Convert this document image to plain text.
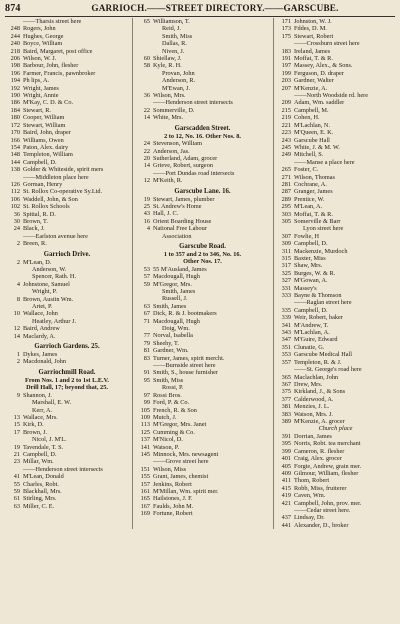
874	GARRIOCH.——STREET DIRECTORY.——GARSCUBE.
——Tharsis street here
248 Rogers, John
244 Hughes, George
240 Boyce, William
218 Baird, Margaret, post office
206 Wilson, W. J.
198 Barbour, John, flesher
196 Farmer, Francis, pawnbroker
194 Ph lips, A.
192 Wright, James
190 Wright, Annie
186 M'Kay, C. D. & Co.
184 Stewart, R.
180 Cooper, William
172 Stewart, William
170 Baird, John, draper
166 Williams, Owen
154 Paton, Alex. dairy
148 Templeton, William
144 Campbell, D.
138 Golder & Whiteside, spirit mers
——Middleton place here
126 Gorman, Henry
112 St. Rollox Co-operative Sy.Ltd.
106 Waddell, John, & Son
102 St. Rollox Schools
36 Spittal, R. D.
30 Brown, T.
24 Black, J.
——Earlston avenue here
2 Breen, R.
Garrioch Drive.
2 M'Lean, D.
Anderson, W.
Spencer, Rath. H.
4 Johnstone, Samuel
Wright, P.
8 Brown, Austin Wm.
Artet, P.
10 Wallace, John
Heatley, Arthur J.
12 Baird, Andrew
14 Maclardy, A.
Garrioch Gardens. 25.
1 Dykes, James
2 Macdonald, John
Garriochmill Road.
From Nos. 1 and 2 to 1st L.E.V.
Drill Hall, 17; beyond that, 25.
9 Shannon, J.
Marshall, E. W.
Kerr, A.
13 Wallace, Mrs.
15 Kirk, D.
17 Brown, J.
Nicol, J. M'L.
19 Tavendale, T. S.
21 Campbell, D.
23 Millar, Wm.
——Henderson street intersects
41 M'Lean, Donald
55 Charles, Robt.
59 Blackhall, Mrs.
61 Stirling, Mrs.
63 Miller, C. E.
65 Williamson, T.
Reid, J.
Smith, Miss
Dallas, R.
Niven, J.
60 Shiellaw, J.
58 Kyle, R. H.
Provan, John
Anderson, R.
M'Ewan, J.
36 Wilson, Mrs.
——Henderson street intersects
22 Sommerville, D.
14 White, Mrs.
Garscadden Street.
2 to 12, No. 16. Other Nos. 8.
24 Stevenson, William
22 Anderson, Jas.
20 Sutherland, Adam, grocer
14 Grieve, Robert, surgeon
——Port Dundas road intersects
12 M'Keith, R.
Garscube Lane. 16.
19 Stewart, James, plumber
25 St. Andrew's Home
43 Hall, J. C.
16 Orient Boarding House
4 National Free Labour
Association
Garscube Road.
1 to 357 and 2 to 346, No. 16.
Other Nos. 17.
53 55 M'Ausland, James
57 Macdougall, Hugh
59 M'Gregor, Mrs.
Smith, James
Russell, J.
63 Smith, James
67 Dick, R. & J. bootmakers
71 Macdougall, Hugh
Doig, Wm.
77 Norval, Isabella
79 Sheehy, T.
81 Gardner, Wm.
83 Turner, James, spirit mercht.
——Burnside street here
91 Smith, S., house furnisher
95 Smith, Miss
Rossi, P.
97 Rossi Bros.
99 Ford, P. & Co.
105 French, R. & Son
109 Mutch, J.
113 M'Gregor, Mrs. Janet
125 Cumming & Co.
137 M'Nicol, D.
141 Watson, P.
145 Minnock, Mrs. newsagent
——Grove street here
151 Wilson, Miss
155 Grant, James, chemist
157 Jenkins, Robert
161 M'Millan, Wm. spirit mer.
165 Hailstones, J. F.
167 Faulds, John M.
169 Fortune, Robert
171 Johnston, W. J.
173 Fddes, D. M.
175 Stewart, Robert
——Crossburn street here
183 Ireland, James
191 Moffat, T. & R.
197 Massey, Alex., & Sons.
199 Ferguson, D. draper
203 Gardner, Walter
207 M'Kenzie, A.
——North Woodside rd. here
209 Adam, Wm. saddler
215 Campbell, M.
219 Cohen, H.
221 M'Lachlan, N.
223 M'Queen, E. K.
243 Garscube Hall
245 White, J. & M. W.
249 Mitchell, S.
——Manse a place here
265 Foster, C.
271 Wilson, Thomas
281 Cochrane, A.
287 Granger, James
289 Prentice, W.
295 M'Lean, A.
303 Moffat, T. & R.
305 Somerville & Barr
Lyon street here
307 Fowlie, H
309 Campbell, D.
311 Mackenzie, Murdoch
315 Baxter, Miss
317 Shaw, Mrs.
325 Burges, W. & R.
327 M'Gowan, A.
331 Massey's
333 Bayne & Thomson
——Raglan street here
335 Campbell, D.
339 Weir, Robert, baker
341 M'Andrew, T.
343 M'Lachlan, A.
347 M'Guire, Edward
351 Clunatie, G.
353 Garscube Medical Hall
357 Templeton, R. & J.
——St. George's road here
365 Maclachlan, John
367 Drew, Mrs.
375 Kirkland, J., & Sons
377 Calderwood, A.
381 Menzies, J. L.
383 Watson, Mrs. J.
389 M'Kenzie, A. grocer
Church place
391 Dorrian, James
395 Norris, Robt. tea merchant
399 Cameron, R. flesher
401 Craig, Alex. grocer
405 Forgie, Andrew, grain mer.
409 Gilmour, William, flesher
411 Thom, Robert
415 Robb, Miss, fruiterer
419 Caven, Wm.
421 Campbell, John, prov. mer.
——Cedar street here.
437 Lindsay, Dr.
441 Alexander, D., broker
